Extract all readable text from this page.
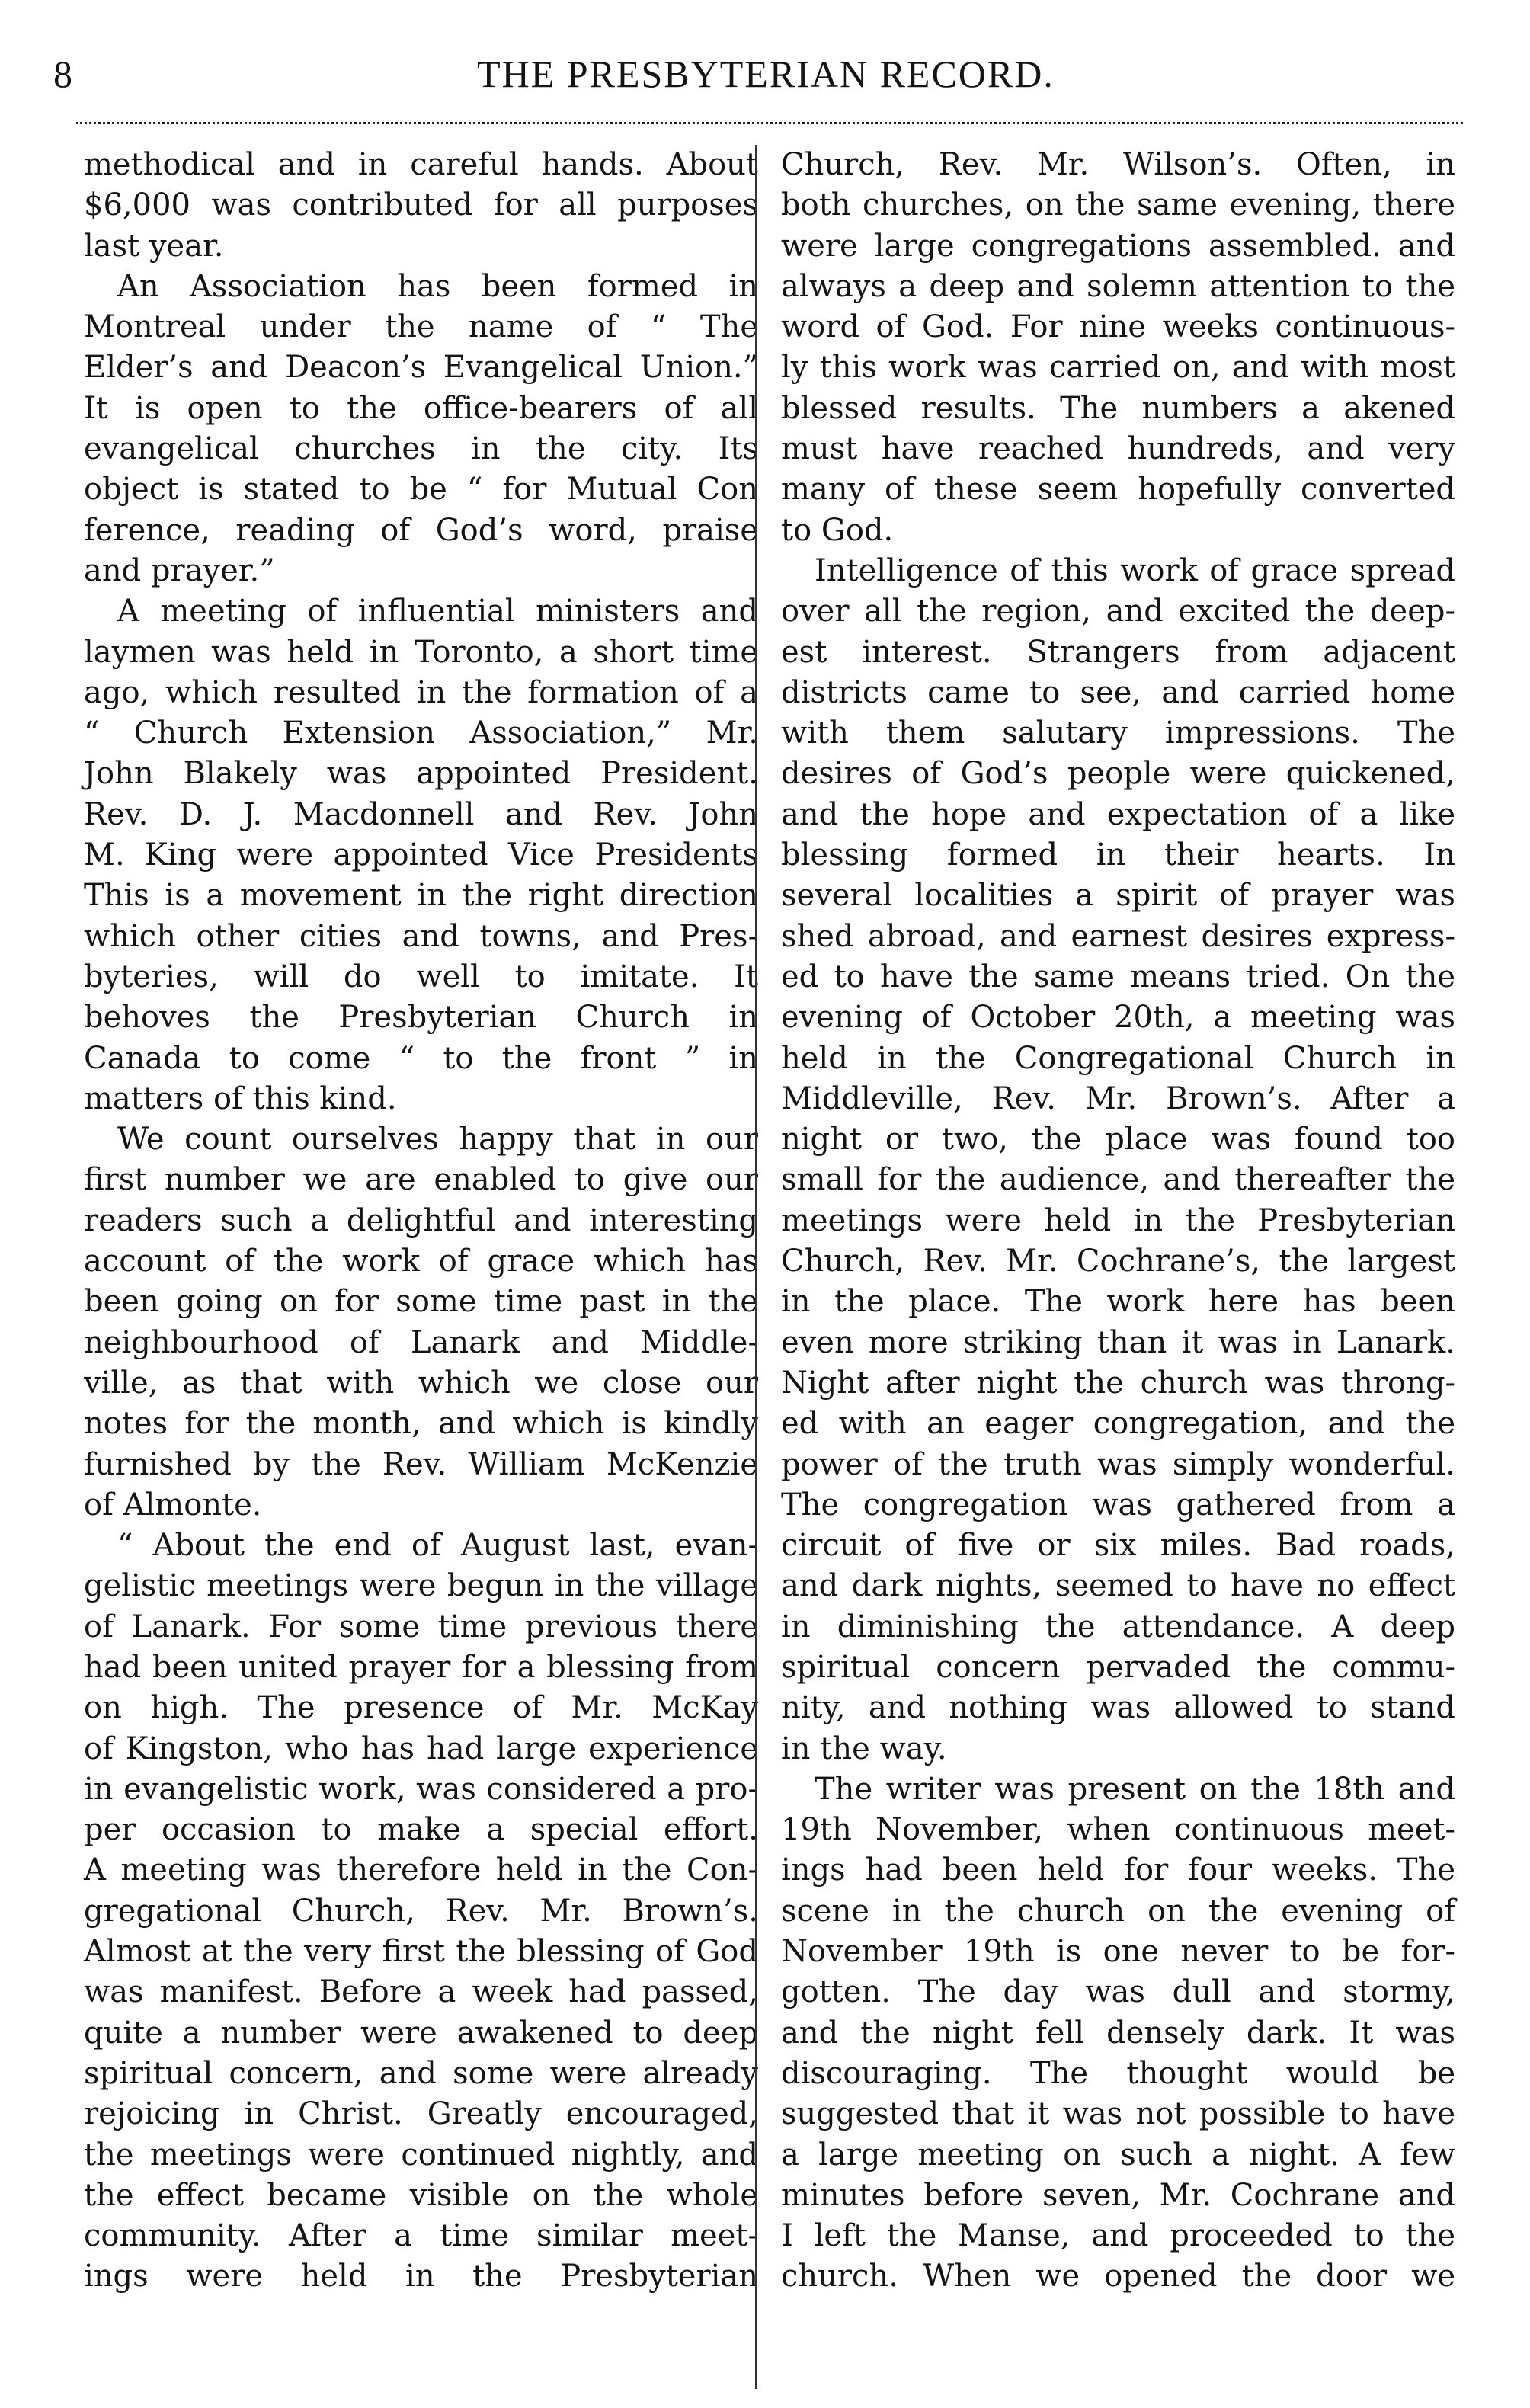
8	THE PRESBYTERIAN RECORD.
methodical and in careful hands. About
$6,000 was contributed for all purposes
last year.
An Association has been formed in
Montreal under the name of “ The
Elder’s and Deacon’s Evangelical Union.”
It is open to the office-bearers of all
evangelical churches in the city. Its
object is stated to be “ for Mutual Con
ference, reading of God’s word, praise
and prayer.”
A meeting of influential ministers and
laymen was held in Toronto, a short time
ago, which resulted in the formation of a
“ Church Extension Association,” Mr.
John Blakely was appointed President.
Rev. D. J. Macdonnell and Rev. John
M. King were appointed Vice Presidents
This is a movement in the right direction
which other cities and towns, and Pres-
byteries, will do well to imitate. It
behoves the Presbyterian Church in
Canada to come “ to the front ” in
matters of this kind.
We count ourselves happy that in our
first number we are enabled to give our
readers such a delightful and interesting
account of the work of grace which has
been going on for some time past in the
neighbourhood of Lanark and Middle-
ville, as that with which we close our
notes for the month, and which is kindly
furnished by the Rev. William McKenzie
of Almonte.
“ About the end of August last, evan-
gelistic meetings were begun in the village
of Lanark. For some time previous there
had been united prayer for a blessing from
on high. The presence of Mr. McKay
of Kingston, who has had large experience
in evangelistic work, was considered a pro-
per occasion to make a special effort.
A meeting was therefore held in the Con-
gregational Church, Rev. Mr. Brown’s.
Almost at the very first the blessing of God
was manifest. Before a week had passed,
quite a number were awakened to deep
spiritual concern, and some were already
rejoicing in Christ. Greatly encouraged,
the meetings were continued nightly, and
the effect became visible on the whole
community. After a time similar meet-
ings were held in the Presbyterian
Church, Rev. Mr. Wilson’s. Often, in
both churches, on the same evening, there
were large congregations assembled. and
always a deep and solemn attention to the
word of God. For nine weeks continuous-
ly this work was carried on, and with most
blessed results. The numbers a akened
must have reached hundreds, and very
many of these seem hopefully converted
to God.
Intelligence of this work of grace spread
over all the region, and excited the deep-
est interest. Strangers from adjacent
districts came to see, and carried home
with them salutary impressions. The
desires of God’s people were quickened,
and the hope and expectation of a like
blessing formed in their hearts. In
several localities a spirit of prayer was
shed abroad, and earnest desires express-
ed to have the same means tried. On the
evening of October 20th, a meeting was
held in the Congregational Church in
Middleville, Rev. Mr. Brown’s. After a
night or two, the place was found too
small for the audience, and thereafter the
meetings were held in the Presbyterian
Church, Rev. Mr. Cochrane’s, the largest
in the place. The work here has been
even more striking than it was in Lanark.
Night after night the church was throng-
ed with an eager congregation, and the
power of the truth was simply wonderful.
The congregation was gathered from a
circuit of five or six miles. Bad roads,
and dark nights, seemed to have no effect
in diminishing the attendance. A deep
spiritual concern pervaded the commu-
nity, and nothing was allowed to stand
in the way.
The writer was present on the 18th and
19th November, when continuous meet-
ings had been held for four weeks. The
scene in the church on the evening of
November 19th is one never to be for-
gotten. The day was dull and stormy,
and the night fell densely dark. It was
discouraging. The thought would be
suggested that it was not possible to have
a large meeting on such a night. A few
minutes before seven, Mr. Cochrane and
I left the Manse, and proceeded to the
church. When we opened the door we
